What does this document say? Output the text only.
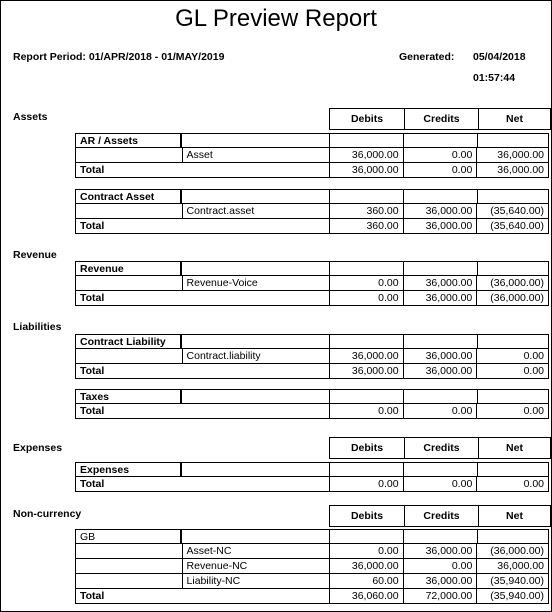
GL Preview Report
Report Period: 01/APR/2018 - 01/MAY/2019	Generated: 05/04/2018
01:57:44
Assets	Debits	Credits	Net
AR / Assets
Asset	36,000.00	0.00	36,000.00
Total	36,000.00	0.00	36,000.00
Contract Asset
Contract.asset	360.00	36,000.00	(35,640.00)
Total	360.00	36,000.00	(35,640.00)
Revenue
Revenue
Revenue-Voice	0.00	36,000.00	(36,000.00)
Total	0.00	36,000.00	(36,000.00)
Liabilities
Contract Liability
Contract.liability	36,000.00	36,000.00	0.00
Total	36,000.00	36,000.00	0.00
Taxes
Total	0.00	0.00	0.00
Expenses	Debits	Credits	Net
Expenses
Total	0.00	0.00	0.00
Non-currency	Debits	Credits	Net
GB
Asset-NC	0.00	36,000.00	(36,000.00)
Revenue-NC	36,000.00	0.00	36,000.00
Liability-NC	60.00	36,000.00	(35,940.00)
Total	36,060.00	72,000.00	(35,940.00)
